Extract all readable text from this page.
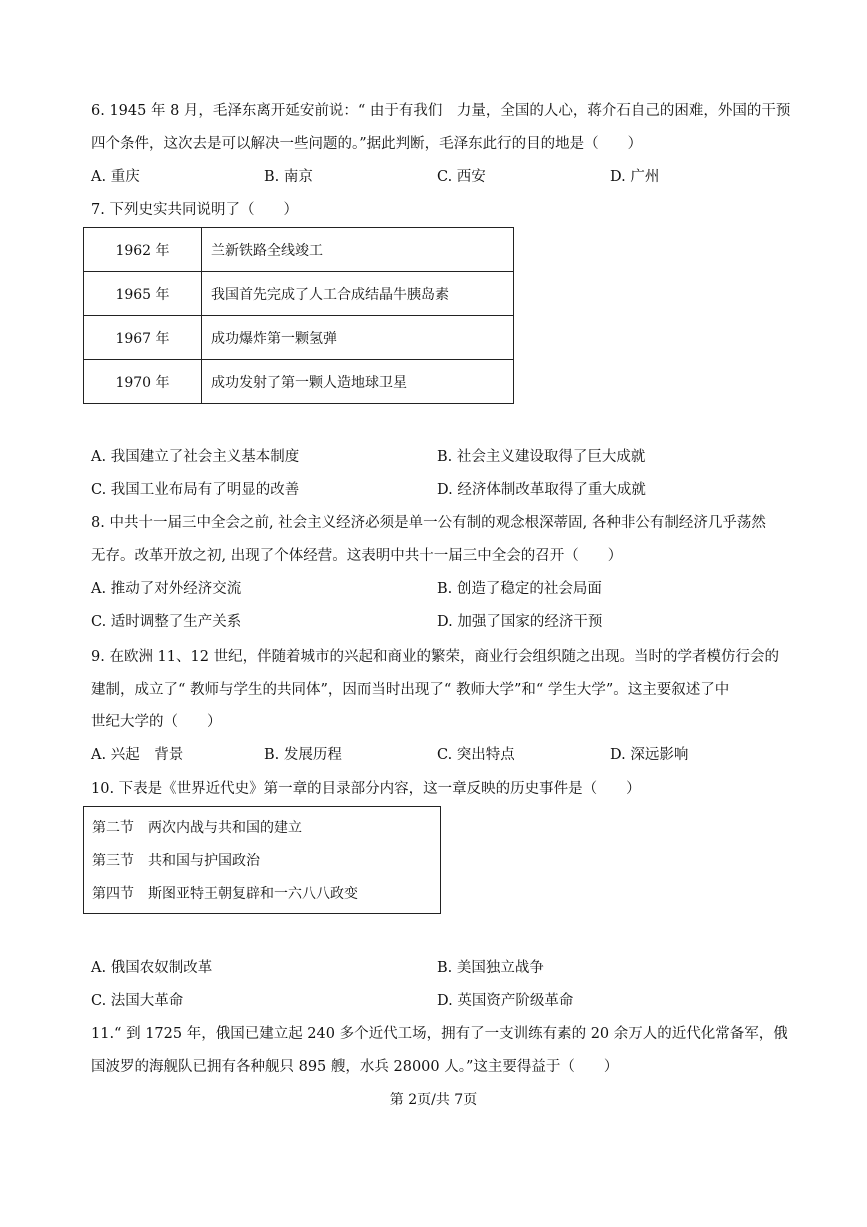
6. 1945 年 8 月，毛泽东离开延安前说：“ 由于有我们　力量，全国的人心，蒋介石自己的困难，外国的干预
四个条件，这次去是可以解决一些问题的。”据此判断，毛泽东此行的目的地是（　　）
A. 重庆	B. 南京	C. 西安	D. 广州
7. 下列史实共同说明了（　　）
1962 年	兰新铁路全线竣工
1965 年	我国首先完成了人工合成结晶牛胰岛素
1967 年	成功爆炸第一颗氢弹
1970 年	成功发射了第一颗人造地球卫星
A. 我国建立了社会主义基本制度	B. 社会主义建设取得了巨大成就
C. 我国工业布局有了明显的改善	D. 经济体制改革取得了重大成就
8. 中共十一届三中全会之前, 社会主义经济必须是单一公有制的观念根深蒂固, 各种非公有制经济几乎荡然
无存。改革开放之初, 出现了个体经营。这表明中共十一届三中全会的召开（　　）
A. 推动了对外经济交流	B. 创造了稳定的社会局面
C. 适时调整了生产关系	D. 加强了国家的经济干预
9. 在欧洲 11、12 世纪，伴随着城市的兴起和商业的繁荣，商业行会组织随之出现。当时的学者模仿行会的
建制，成立了“ 教师与学生的共同体”，因而当时出现了“ 教师大学”和“ 学生大学”。这主要叙述了中
世纪大学的（　　）
A. 兴起　背景	B. 发展历程	C. 突出特点	D. 深远影响
10. 下表是《世界近代史》第一章的目录部分内容，这一章反映的历史事件是（　　）
第二节　两次内战与共和国的建立
第三节　共和国与护国政治
第四节　斯图亚特王朝复辟和一六八八政变
A. 俄国农奴制改革	B. 美国独立战争
C. 法国大革命	D. 英国资产阶级革命
11.“ 到 1725 年，俄国已建立起 240 多个近代工场，拥有了一支训练有素的 20 余万人的近代化常备军，俄
国波罗的海舰队已拥有各种舰只 895 艘，水兵 28000 人。”这主要得益于（　　）
第 2页/共 7页
